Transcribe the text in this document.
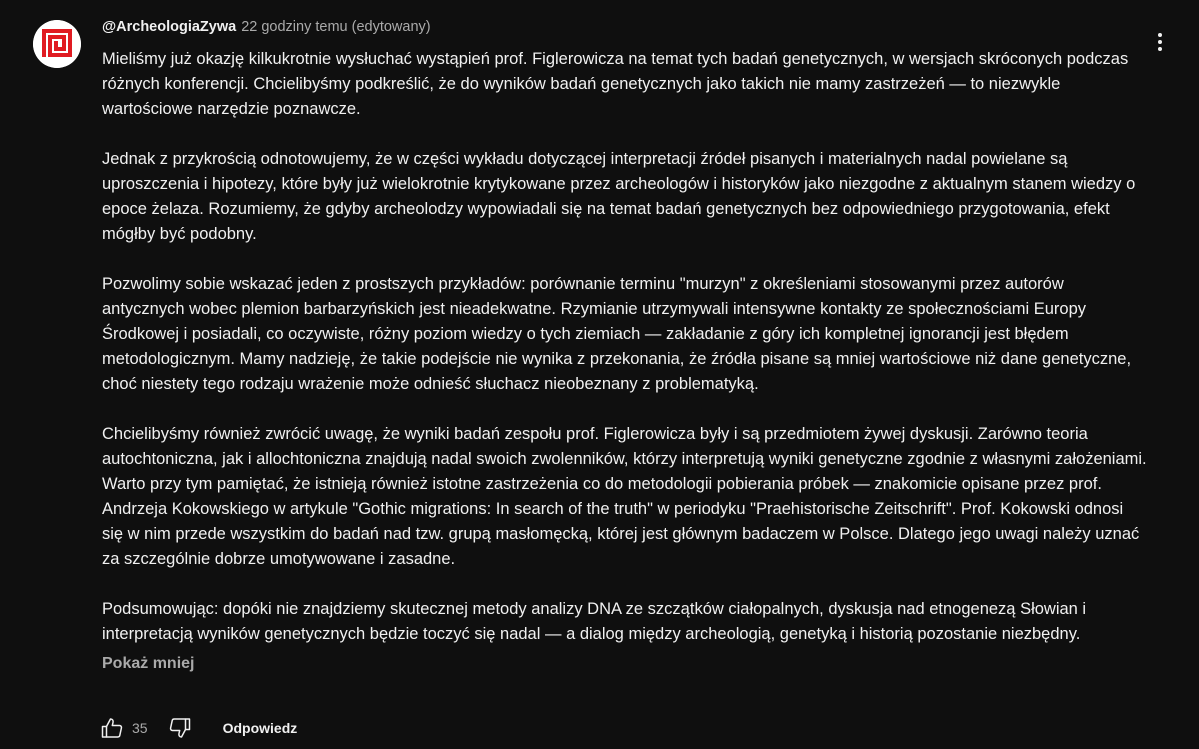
@ArcheologiaZywa 22 godziny temu (edytowany)

Mieliśmy już okazję kilkukrotnie wysłuchać wystąpień prof. Figlerowicza na temat tych badań genetycznych, w wersjach skróconych podczas różnych konferencji. Chcielibyśmy podkreślić, że do wyników badań genetycznych jako takich nie mamy zastrzeżeń — to niezwykle wartościowe narzędzie poznawcze.

Jednak z przykrością odnotowujemy, że w części wykładu dotyczącej interpretacji źródeł pisanych i materialnych nadal powielane są uproszczenia i hipotezy, które były już wielokrotnie krytykowane przez archeologów i historyków jako niezgodne z aktualnym stanem wiedzy o epoce żelaza. Rozumiemy, że gdyby archeolodzy wypowiadali się na temat badań genetycznych bez odpowiedniego przygotowania, efekt mógłby być podobny.

Pozwolimy sobie wskazać jeden z prostszych przykładów: porównanie terminu "murzyn" z określeniami stosowanymi przez autorów antycznych wobec plemion barbarzyńskich jest nieadekwatne. Rzymianie utrzymywali intensywne kontakty ze społecznościami Europy Środkowej i posiadali, co oczywiste, różny poziom wiedzy o tych ziemiach — zakładanie z góry ich kompletnej ignorancji jest błędem metodologicznym. Mamy nadzieję, że takie podejście nie wynika z przekonania, że źródła pisane są mniej wartościowe niż dane genetyczne, choć niestety tego rodzaju wrażenie może odnieść słuchacz nieobeznany z problematyką.

Chcielibyśmy również zwrócić uwagę, że wyniki badań zespołu prof. Figlerowicza były i są przedmiotem żywej dyskusji. Zarówno teoria autochtoniczna, jak i allochtoniczna znajdują nadal swoich zwolenników, którzy interpretują wyniki genetyczne zgodnie z własnymi założeniami. Warto przy tym pamiętać, że istnieją również istotne zastrzeżenia co do metodologii pobierania próbek — znakomicie opisane przez prof. Andrzeja Kokowskiego w artykule "Gothic migrations: In search of the truth" w periodyku "Praehistorische Zeitschrift". Prof. Kokowski odnosi się w nim przede wszystkim do badań nad tzw. grupą masłomęcką, której jest głównym badaczem w Polsce. Dlatego jego uwagi należy uznać za szczególnie dobrze umotywowane i zasadne.

Podsumowując: dopóki nie znajdziemy skutecznej metody analizy DNA ze szczątków ciałopalnych, dyskusja nad etnogenezą Słowian i interpretacją wyników genetycznych będzie toczyć się nadal — a dialog między archeologią, genetyką i historią pozostanie niezbędny.

Pokaż mniej
35	Odpowiedz
